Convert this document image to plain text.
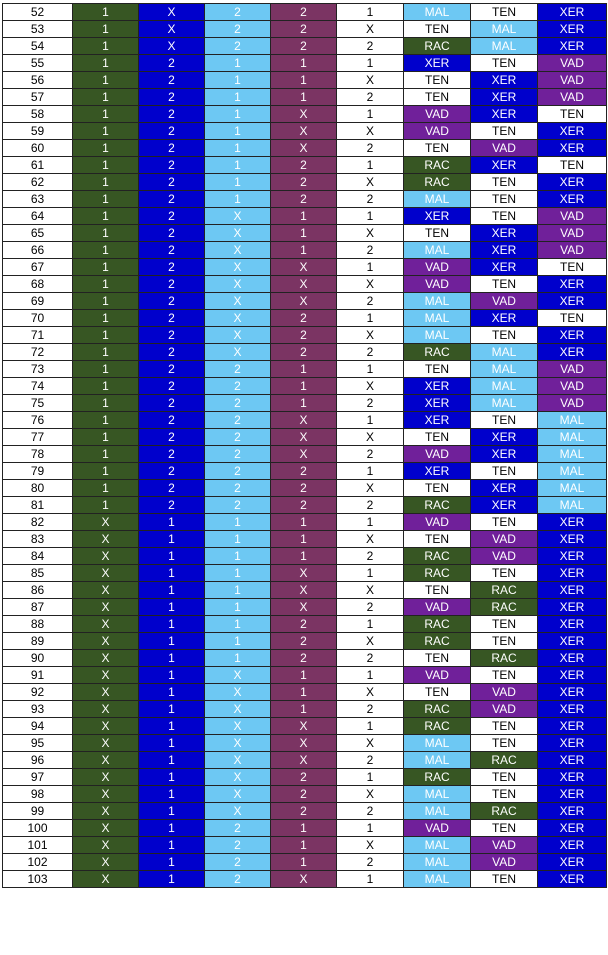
52	1	X	2	2	1	MAL	TEN	XER
53	1	X	2	2	X	TEN	MAL	XER
54	1	X	2	2	2	RAC	MAL	XER
55	1	2	1	1	1	XER	TEN	VAD
56	1	2	1	1	X	TEN	XER	VAD
57	1	2	1	1	2	TEN	XER	VAD
58	1	2	1	X	1	VAD	XER	TEN
59	1	2	1	X	X	VAD	TEN	XER
60	1	2	1	X	2	TEN	VAD	XER
61	1	2	1	2	1	RAC	XER	TEN
62	1	2	1	2	X	RAC	TEN	XER
63	1	2	1	2	2	MAL	TEN	XER
64	1	2	X	1	1	XER	TEN	VAD
65	1	2	X	1	X	TEN	XER	VAD
66	1	2	X	1	2	MAL	XER	VAD
67	1	2	X	X	1	VAD	XER	TEN
68	1	2	X	X	X	VAD	TEN	XER
69	1	2	X	X	2	MAL	VAD	XER
70	1	2	X	2	1	MAL	XER	TEN
71	1	2	X	2	X	MAL	TEN	XER
72	1	2	X	2	2	RAC	MAL	XER
73	1	2	2	1	1	TEN	MAL	VAD
74	1	2	2	1	X	XER	MAL	VAD
75	1	2	2	1	2	XER	MAL	VAD
76	1	2	2	X	1	XER	TEN	MAL
77	1	2	2	X	X	TEN	XER	MAL
78	1	2	2	X	2	VAD	XER	MAL
79	1	2	2	2	1	XER	TEN	MAL
80	1	2	2	2	X	TEN	XER	MAL
81	1	2	2	2	2	RAC	XER	MAL
82	X	1	1	1	1	VAD	TEN	XER
83	X	1	1	1	X	TEN	VAD	XER
84	X	1	1	1	2	RAC	VAD	XER
85	X	1	1	X	1	RAC	TEN	XER
86	X	1	1	X	X	TEN	RAC	XER
87	X	1	1	X	2	VAD	RAC	XER
88	X	1	1	2	1	RAC	TEN	XER
89	X	1	1	2	X	RAC	TEN	XER
90	X	1	1	2	2	TEN	RAC	XER
91	X	1	X	1	1	VAD	TEN	XER
92	X	1	X	1	X	TEN	VAD	XER
93	X	1	X	1	2	RAC	VAD	XER
94	X	1	X	X	1	RAC	TEN	XER
95	X	1	X	X	X	MAL	TEN	XER
96	X	1	X	X	2	MAL	RAC	XER
97	X	1	X	2	1	RAC	TEN	XER
98	X	1	X	2	X	MAL	TEN	XER
99	X	1	X	2	2	MAL	RAC	XER
100	X	1	2	1	1	VAD	TEN	XER
101	X	1	2	1	X	MAL	VAD	XER
102	X	1	2	1	2	MAL	VAD	XER
103	X	1	2	X	1	MAL	TEN	XER
